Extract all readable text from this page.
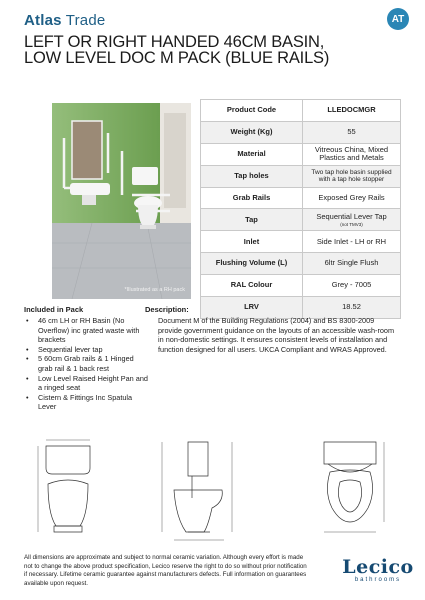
Atlas Trade	AT
LEFT OR RIGHT HANDED 46CM BASIN,
LOW LEVEL DOC M PACK (BLUE RAILS)
*Illustrated as a RH pack
Product Code	LLEDOCMGR
Weight (Kg)	55
Material	Vitreous China, Mixed Plastics and Metals
Tap holes	Two tap hole basin supplied with a tap hole stopper
Grab Rails	Exposed Grey Rails
Tap	Sequential Lever Tap
(not TMV3)

Inlet	Side Inlet - LH or RH
Flushing Volume (L)	6ltr Single Flush
RAL Colour	Grey - 7005
LRV	18.52
Included in Pack
• 46 cm LH or RH Basin (No Overflow) inc grated waste with brackets
• Sequential lever tap
• 5 60cm Grab rails & 1 Hinged grab rail & 1 back rest
• Low Level Raised Height Pan and a ringed seat
• Cistern & Fittings Inc Spatula Lever
Description:
Document M of the Building Regulations (2004) and BS 8300-2009 provide government guidance on the layouts of an accessible wash-room in non-domestic settings. It ensures consistent levels of installation and function designed for all users. UKCA Compliant and WRAS Approved.
All dimensions are approximate and subject to normal ceramic variation. Although every effort is made not to change the above product specification, Lecico reserve the right to do so without prior notification if necessary. Lifetime ceramic guarantee against manufacturers defects. Full information on guarantees available upon request.
Lecico
bathrooms
